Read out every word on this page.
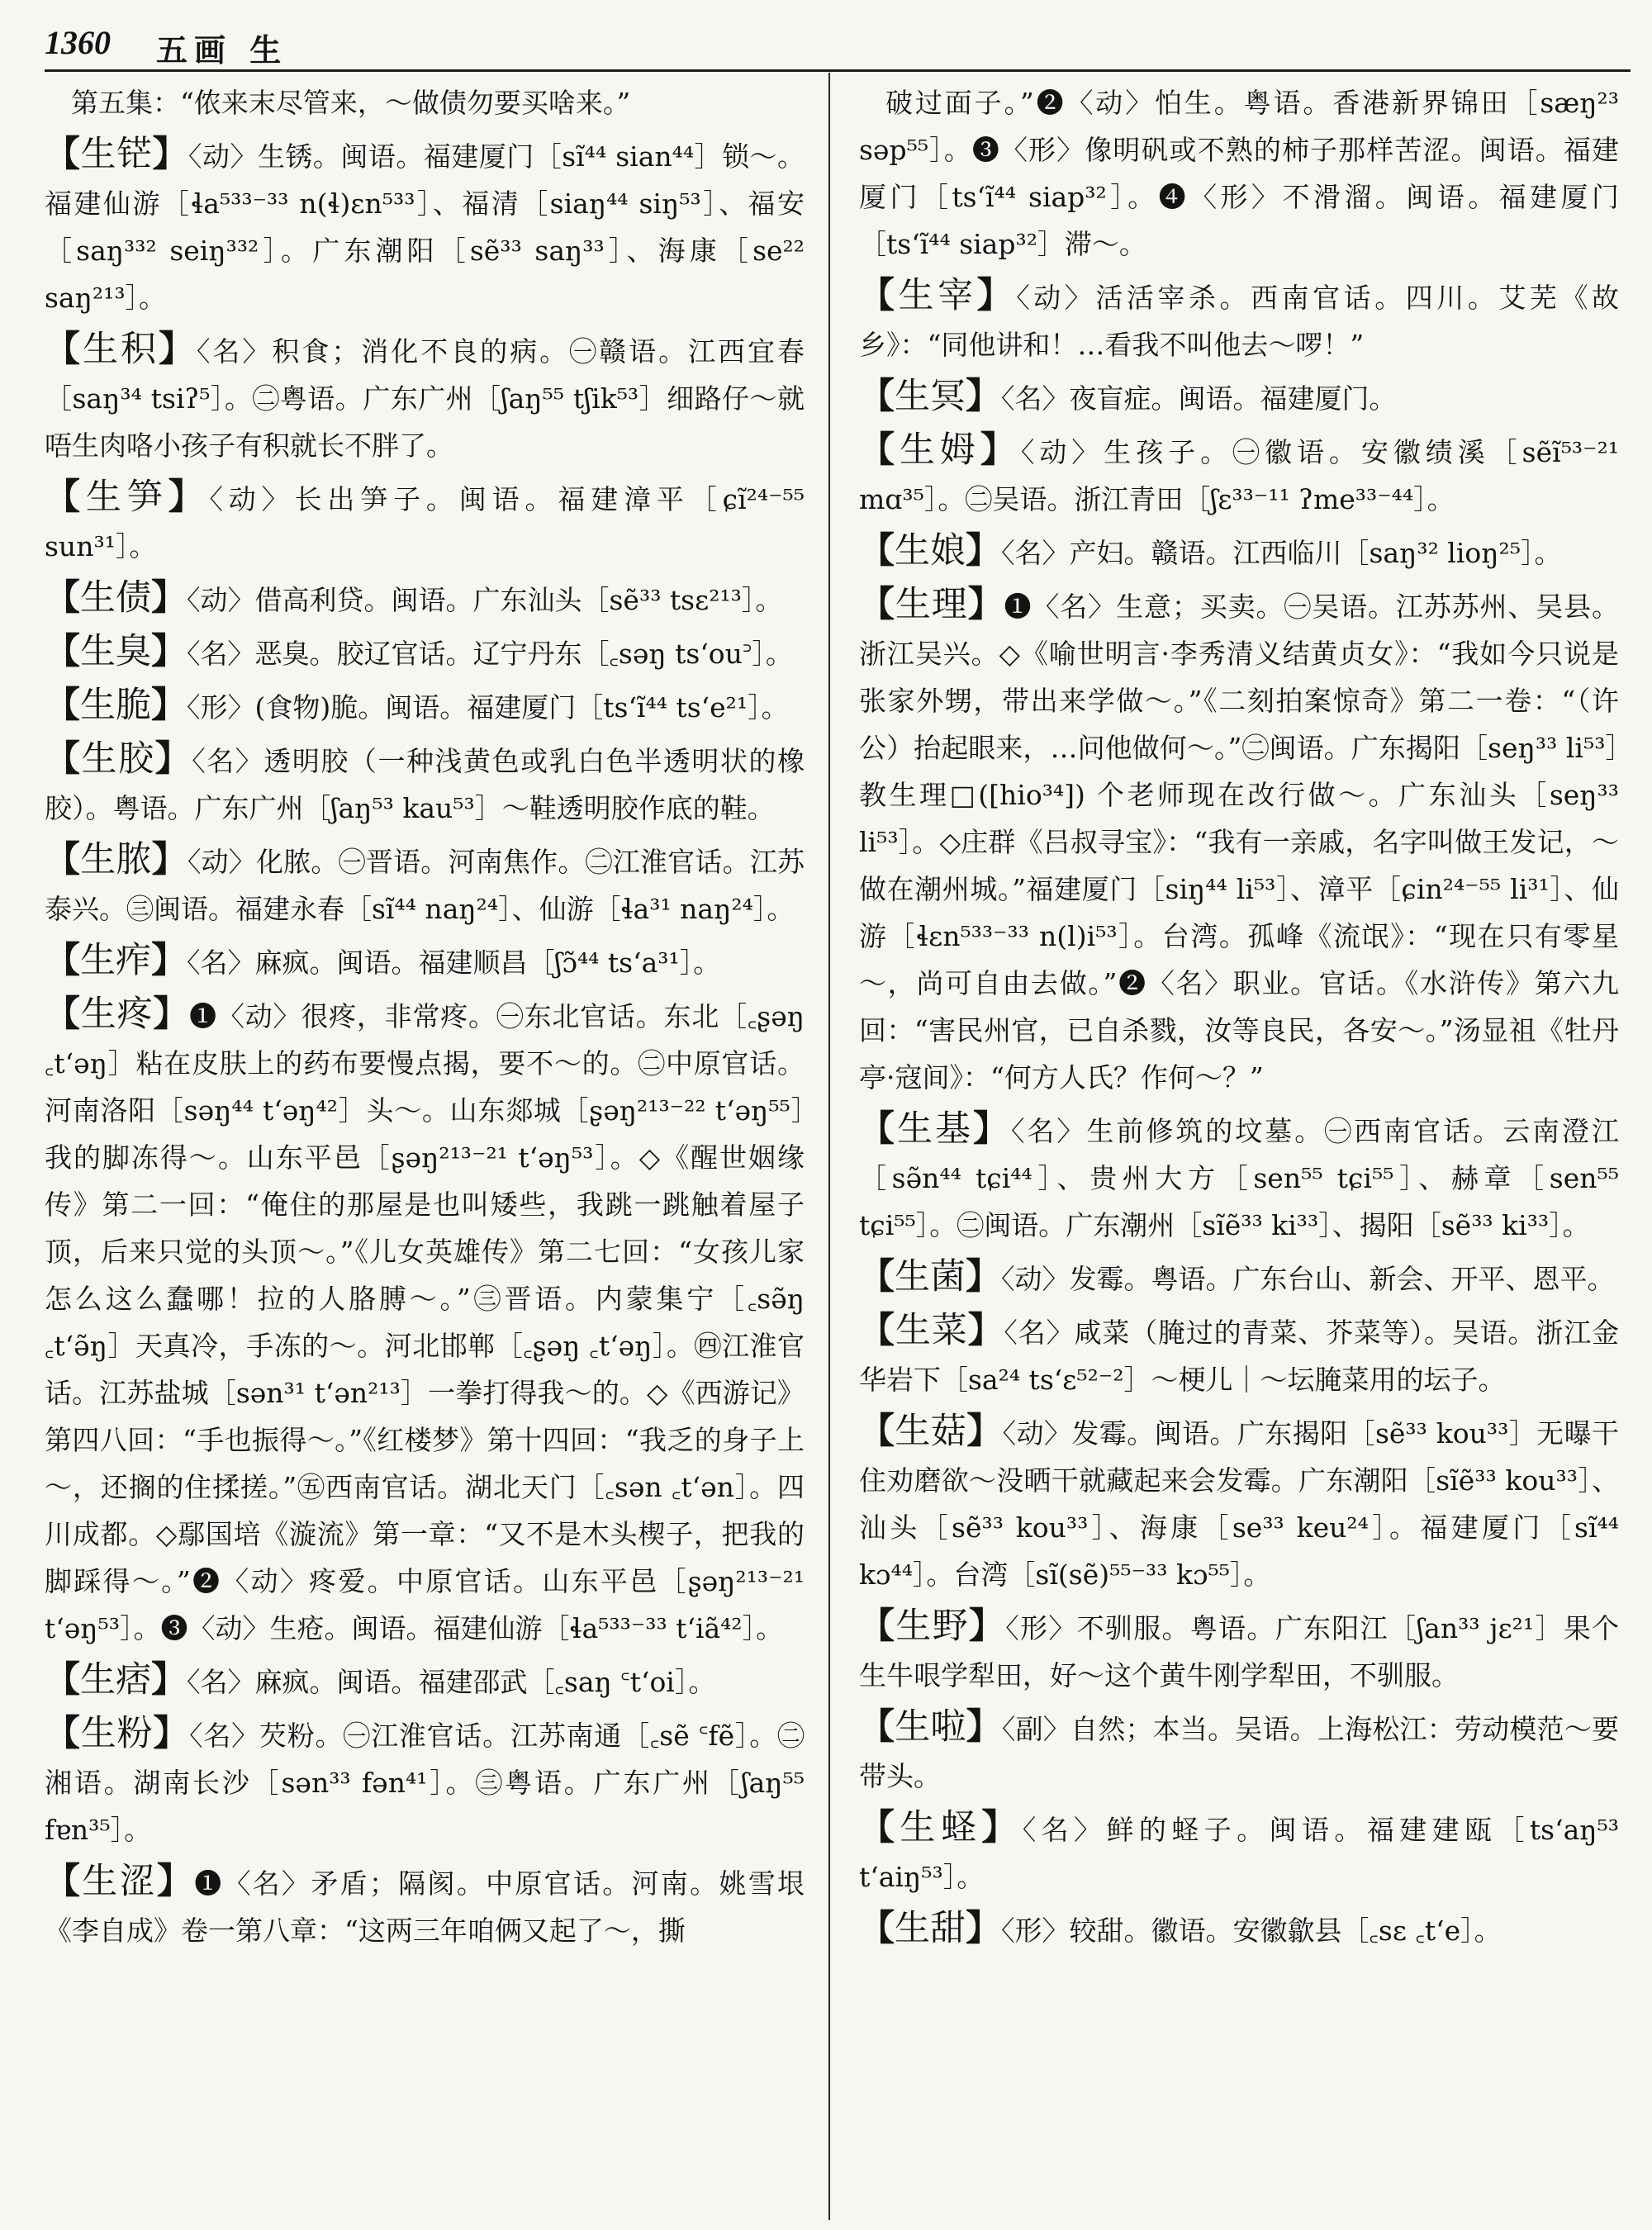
1360 五画 生

第五集：“侬来末尽管来，～做债勿要买啥来。”

【生铓】〈动〉生锈。闽语。福建厦门［sĩ⁴⁴ sian⁴⁴］锁～。福建仙游［ɬa⁵³³⁻³³ n(ɬ)ɛn⁵³³］、福清［siaŋ⁴⁴ siŋ⁵³］、福安［saŋ³³² seiŋ³³²］。广东潮阳［sẽ³³ saŋ³³］、海康［se²² saŋ²¹³］。

【生积】〈名〉积食；消化不良的病。㊀赣语。江西宜春［saŋ³⁴ tsiʔ⁵］。㊁粤语。广东广州［ʃaŋ⁵⁵ tʃik⁵³］细路仔～就唔生肉咯小孩子有积就长不胖了。

【生笋】〈动〉长出笋子。闽语。福建漳平［ɕĩ²⁴⁻⁵⁵ sun³¹］。

【生债】〈动〉借高利贷。闽语。广东汕头［sẽ³³ tsɛ²¹³］。

【生臭】〈名〉恶臭。胶辽官话。辽宁丹东［꜀səŋ tsʻou꜄］。

【生脆】〈形〉(食物)脆。闽语。福建厦门［tsʻĩ⁴⁴ tsʻe²¹］。

【生胶】〈名〉透明胶（一种浅黄色或乳白色半透明状的橡胶）。粤语。广东广州［ʃaŋ⁵³ kau⁵³］～鞋透明胶作底的鞋。

【生脓】〈动〉化脓。㊀晋语。河南焦作。㊁江淮官话。江苏泰兴。㊂闽语。福建永春［sĩ⁴⁴ naŋ²⁴］、仙游［ɬa³¹ naŋ²⁴］。

【生痄】〈名〉麻疯。闽语。福建顺昌［ʃɔ̃⁴⁴ tsʻa³¹］。

【生疼】❶〈动〉很疼，非常疼。㊀东北官话。东北［꜀ʂəŋ ꜀tʻəŋ］粘在皮肤上的药布要慢点揭，要不～的。㊁中原官话。河南洛阳［səŋ⁴⁴ tʻəŋ⁴²］头～。山东郯城［ʂəŋ²¹³⁻²² tʻəŋ⁵⁵］我的脚冻得～。山东平邑［ʂəŋ²¹³⁻²¹ tʻəŋ⁵³］。◇《醒世姻缘传》第二一回：“俺住的那屋是也叫矮些，我跳一跳触着屋子顶，后来只觉的头顶～。”《儿女英雄传》第二七回：“女孩儿家怎么这么蠢哪！拉的人胳膊～。”㊂晋语。内蒙集宁［꜀sə̃ŋ ꜀tʻə̃ŋ］天真冷，手冻的～。河北邯郸［꜀ʂəŋ ꜀tʻəŋ］。㊃江淮官话。江苏盐城［sən³¹ tʻən²¹³］一拳打得我～的。◇《西游记》第四八回：“手也振得～。”《红楼梦》第十四回：“我乏的身子上～，还搁的住揉搓。”㊄西南官话。湖北天门［꜀sən ꜀tʻən］。四川成都。◇鄢国培《漩流》第一章：“又不是木头楔子，把我的脚踩得～。”❷〈动〉疼爱。中原官话。山东平邑［ʂəŋ²¹³⁻²¹ tʻəŋ⁵³］。❸〈动〉生疮。闽语。福建仙游［ɬa⁵³³⁻³³ tʻiã⁴²］。

【生痞】〈名〉麻疯。闽语。福建邵武［꜀saŋ ꜂tʻoi］。

【生粉】〈名〉芡粉。㊀江淮官话。江苏南通［꜀sẽ ꜂fẽ］。㊁湘语。湖南长沙［sən³³ fən⁴¹］。㊂粤语。广东广州［ʃaŋ⁵⁵ fɐn³⁵］。

【生涩】❶〈名〉矛盾；隔阂。中原官话。河南。姚雪垠《李自成》卷一第八章：“这两三年咱俩又起了～，撕

破过面子。”❷〈动〉怕生。粤语。香港新界锦田［sæŋ²³ səp⁵⁵］。❸〈形〉像明矾或不熟的柿子那样苦涩。闽语。福建厦门［tsʻĩ⁴⁴ siap³²］。❹〈形〉不滑溜。闽语。福建厦门［tsʻĩ⁴⁴ siap³²］滞～。

【生宰】〈动〉活活宰杀。西南官话。四川。艾芜《故乡》：“同他讲和！…看我不叫他去～啰！”

【生冥】〈名〉夜盲症。闽语。福建厦门。

【生姆】〈动〉生孩子。㊀徽语。安徽绩溪［sẽĩ⁵³⁻²¹ mɑ³⁵］。㊁吴语。浙江青田［ʃɛ³³⁻¹¹ ʔme³³⁻⁴⁴］。

【生娘】〈名〉产妇。赣语。江西临川［saŋ³² lioŋ²⁵］。

【生理】❶〈名〉生意；买卖。㊀吴语。江苏苏州、吴县。浙江吴兴。◇《喻世明言·李秀清义结黄贞女》：“我如今只说是张家外甥，带出来学做～。”《二刻拍案惊奇》第二一卷：“（许公）抬起眼来，…问他做何～。”㊁闽语。广东揭阳［seŋ³³ li⁵³］教生理□([hio³⁴]) 个老师现在改行做～。广东汕头［seŋ³³ li⁵³］。◇庄群《吕叔寻宝》：“我有一亲戚，名字叫做王发记，～做在潮州城。”福建厦门［siŋ⁴⁴ li⁵³］、漳平［ɕin²⁴⁻⁵⁵ li³¹］、仙游［ɬɛn⁵³³⁻³³ n(l)i⁵³］。台湾。孤峰《流氓》：“现在只有零星～，尚可自由去做。”❷〈名〉职业。官话。《水浒传》第六九回：“害民州官，已自杀戮，汝等良民，各安～。”汤显祖《牡丹亭·寇间》：“何方人氏？作何～？”

【生基】〈名〉生前修筑的坟墓。㊀西南官话。云南澄江［sə̃n⁴⁴ tɕi⁴⁴］、贵州大方［sen⁵⁵ tɕi⁵⁵］、赫章［sen⁵⁵ tɕi⁵⁵］。㊁闽语。广东潮州［sĩẽ³³ ki³³］、揭阳［sẽ³³ ki³³］。

【生菌】〈动〉发霉。粤语。广东台山、新会、开平、恩平。

【生菜】〈名〉咸菜（腌过的青菜、芥菜等）。吴语。浙江金华岩下［sa²⁴ tsʻɛ⁵²⁻²］～梗儿｜～坛腌菜用的坛子。

【生菇】〈动〉发霉。闽语。广东揭阳［sẽ³³ kou³³］无曝干住劝磨欲～没晒干就藏起来会发霉。广东潮阳［sĩẽ³³ kou³³］、汕头［sẽ³³ kou³³］、海康［se³³ keu²⁴］。福建厦门［sĩ⁴⁴ kɔ⁴⁴］。台湾［sĩ(sẽ)⁵⁵⁻³³ kɔ⁵⁵］。

【生野】〈形〉不驯服。粤语。广东阳江［ʃan³³ jɛ²¹］果个生牛哏学犁田，好～这个黄牛刚学犁田，不驯服。

【生啦】〈副〉自然；本当。吴语。上海松江：劳动模范～要带头。

【生蛏】〈名〉鲜的蛏子。闽语。福建建瓯［tsʻaŋ⁵³ tʻaiŋ⁵³］。

【生甜】〈形〉较甜。徽语。安徽歙县［꜀sɛ ꜀tʻe］。
